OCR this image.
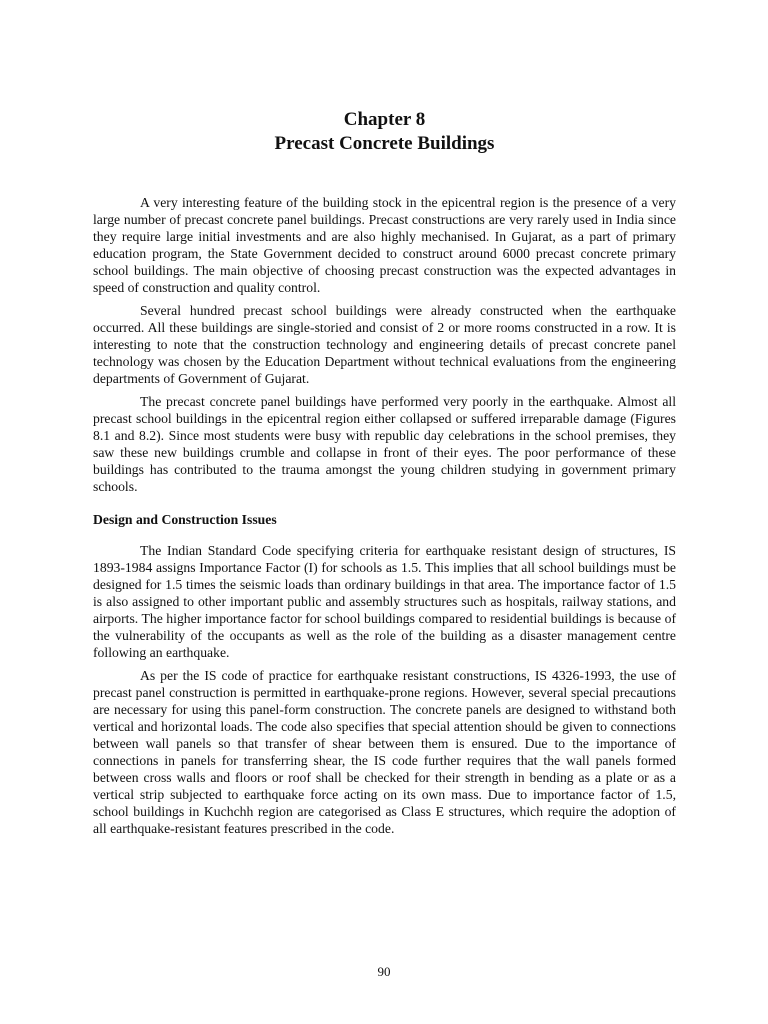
Chapter 8
Precast Concrete Buildings

A very interesting feature of the building stock in the epicentral region is the presence of a very large number of precast concrete panel buildings. Precast constructions are very rarely used in India since they require large initial investments and are also highly mechanised. In Gujarat, as a part of primary education program, the State Government decided to construct around 6000 precast concrete primary school buildings. The main objective of choosing precast construction was the expected advantages in speed of construction and quality control.

Several hundred precast school buildings were already constructed when the earthquake occurred. All these buildings are single-storied and consist of 2 or more rooms constructed in a row. It is interesting to note that the construction technology and engineering details of precast concrete panel technology was chosen by the Education Department without technical evaluations from the engineering departments of Government of Gujarat.

The precast concrete panel buildings have performed very poorly in the earthquake. Almost all precast school buildings in the epicentral region either collapsed or suffered irreparable damage (Figures 8.1 and 8.2). Since most students were busy with republic day celebrations in the school premises, they saw these new buildings crumble and collapse in front of their eyes. The poor performance of these buildings has contributed to the trauma amongst the young children studying in government primary schools.

Design and Construction Issues

The Indian Standard Code specifying criteria for earthquake resistant design of structures, IS 1893-1984 assigns Importance Factor (I) for schools as 1.5. This implies that all school buildings must be designed for 1.5 times the seismic loads than ordinary buildings in that area. The importance factor of 1.5 is also assigned to other important public and assembly structures such as hospitals, railway stations, and airports. The higher importance factor for school buildings compared to residential buildings is because of the vulnerability of the occupants as well as the role of the building as a disaster management centre following an earthquake.

As per the IS code of practice for earthquake resistant constructions, IS 4326-1993, the use of precast panel construction is permitted in earthquake-prone regions. However, several special precautions are necessary for using this panel-form construction. The concrete panels are designed to withstand both vertical and horizontal loads. The code also specifies that special attention should be given to connections between wall panels so that transfer of shear between them is ensured. Due to the importance of connections in panels for transferring shear, the IS code further requires that the wall panels formed between cross walls and floors or roof shall be checked for their strength in bending as a plate or as a vertical strip subjected to earthquake force acting on its own mass. Due to importance factor of 1.5, school buildings in Kuchchh region are categorised as Class E structures, which require the adoption of all earthquake-resistant features prescribed in the code.

90
